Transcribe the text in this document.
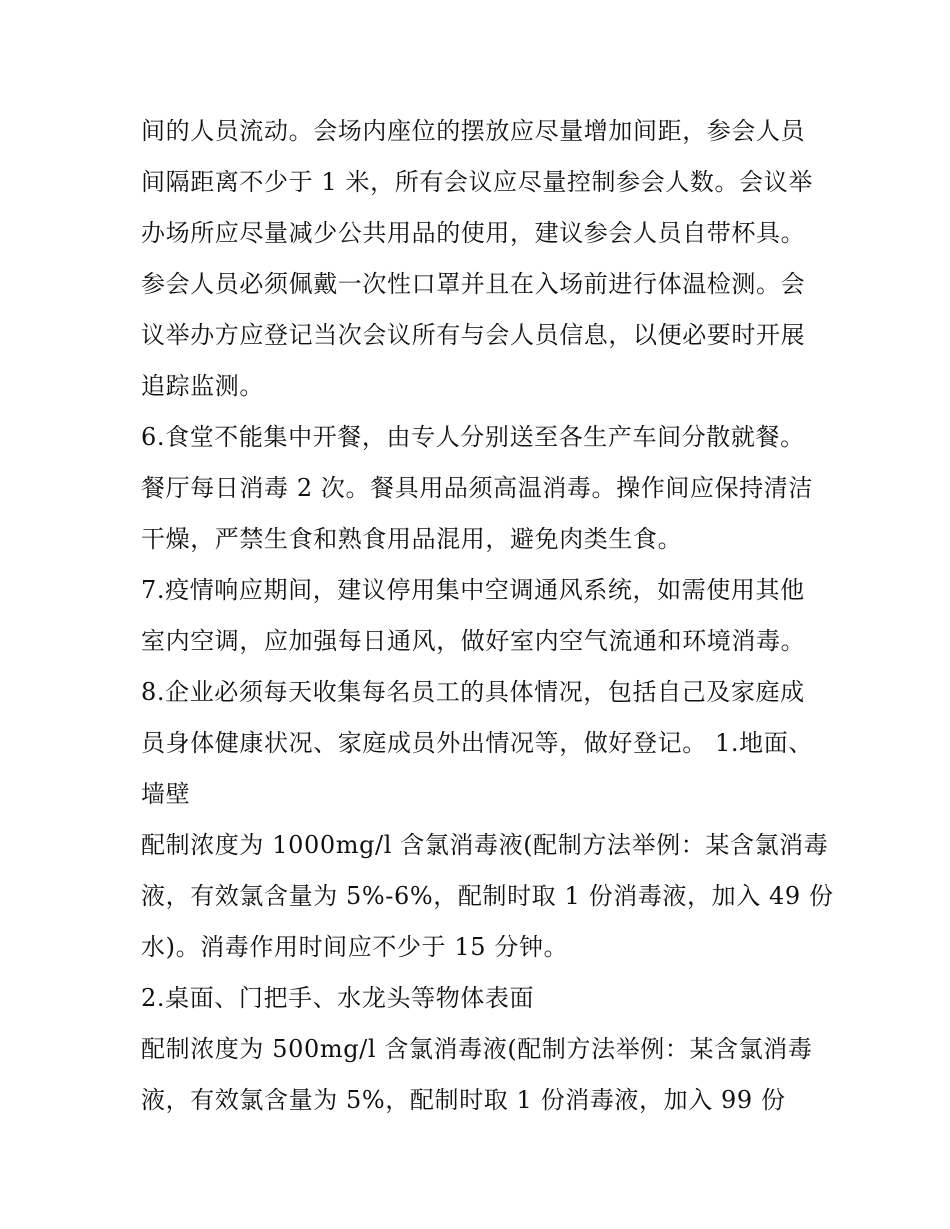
间的人员流动。会场内座位的摆放应尽量增加间距，参会人员
间隔距离不少于 1 米，所有会议应尽量控制参会人数。会议举
办场所应尽量减少公共用品的使用，建议参会人员自带杯具。
参会人员必须佩戴一次性口罩并且在入场前进行体温检测。会
议举办方应登记当次会议所有与会人员信息，以便必要时开展
追踪监测。
6.食堂不能集中开餐，由专人分别送至各生产车间分散就餐。
餐厅每日消毒 2 次。餐具用品须高温消毒。操作间应保持清洁
干燥，严禁生食和熟食用品混用，避免肉类生食。
7.疫情响应期间，建议停用集中空调通风系统，如需使用其他
室内空调，应加强每日通风，做好室内空气流通和环境消毒。
8.企业必须每天收集每名员工的具体情况，包括自己及家庭成
员身体健康状况、家庭成员外出情况等，做好登记。 1.地面、
墙壁
配制浓度为 1000mg/l 含氯消毒液(配制方法举例：某含氯消毒
液，有效氯含量为 5%-6%，配制时取 1 份消毒液，加入 49 份
水)。消毒作用时间应不少于 15 分钟。
2.桌面、门把手、水龙头等物体表面
配制浓度为 500mg/l 含氯消毒液(配制方法举例：某含氯消毒
液，有效氯含量为 5%，配制时取 1 份消毒液，加入 99 份
